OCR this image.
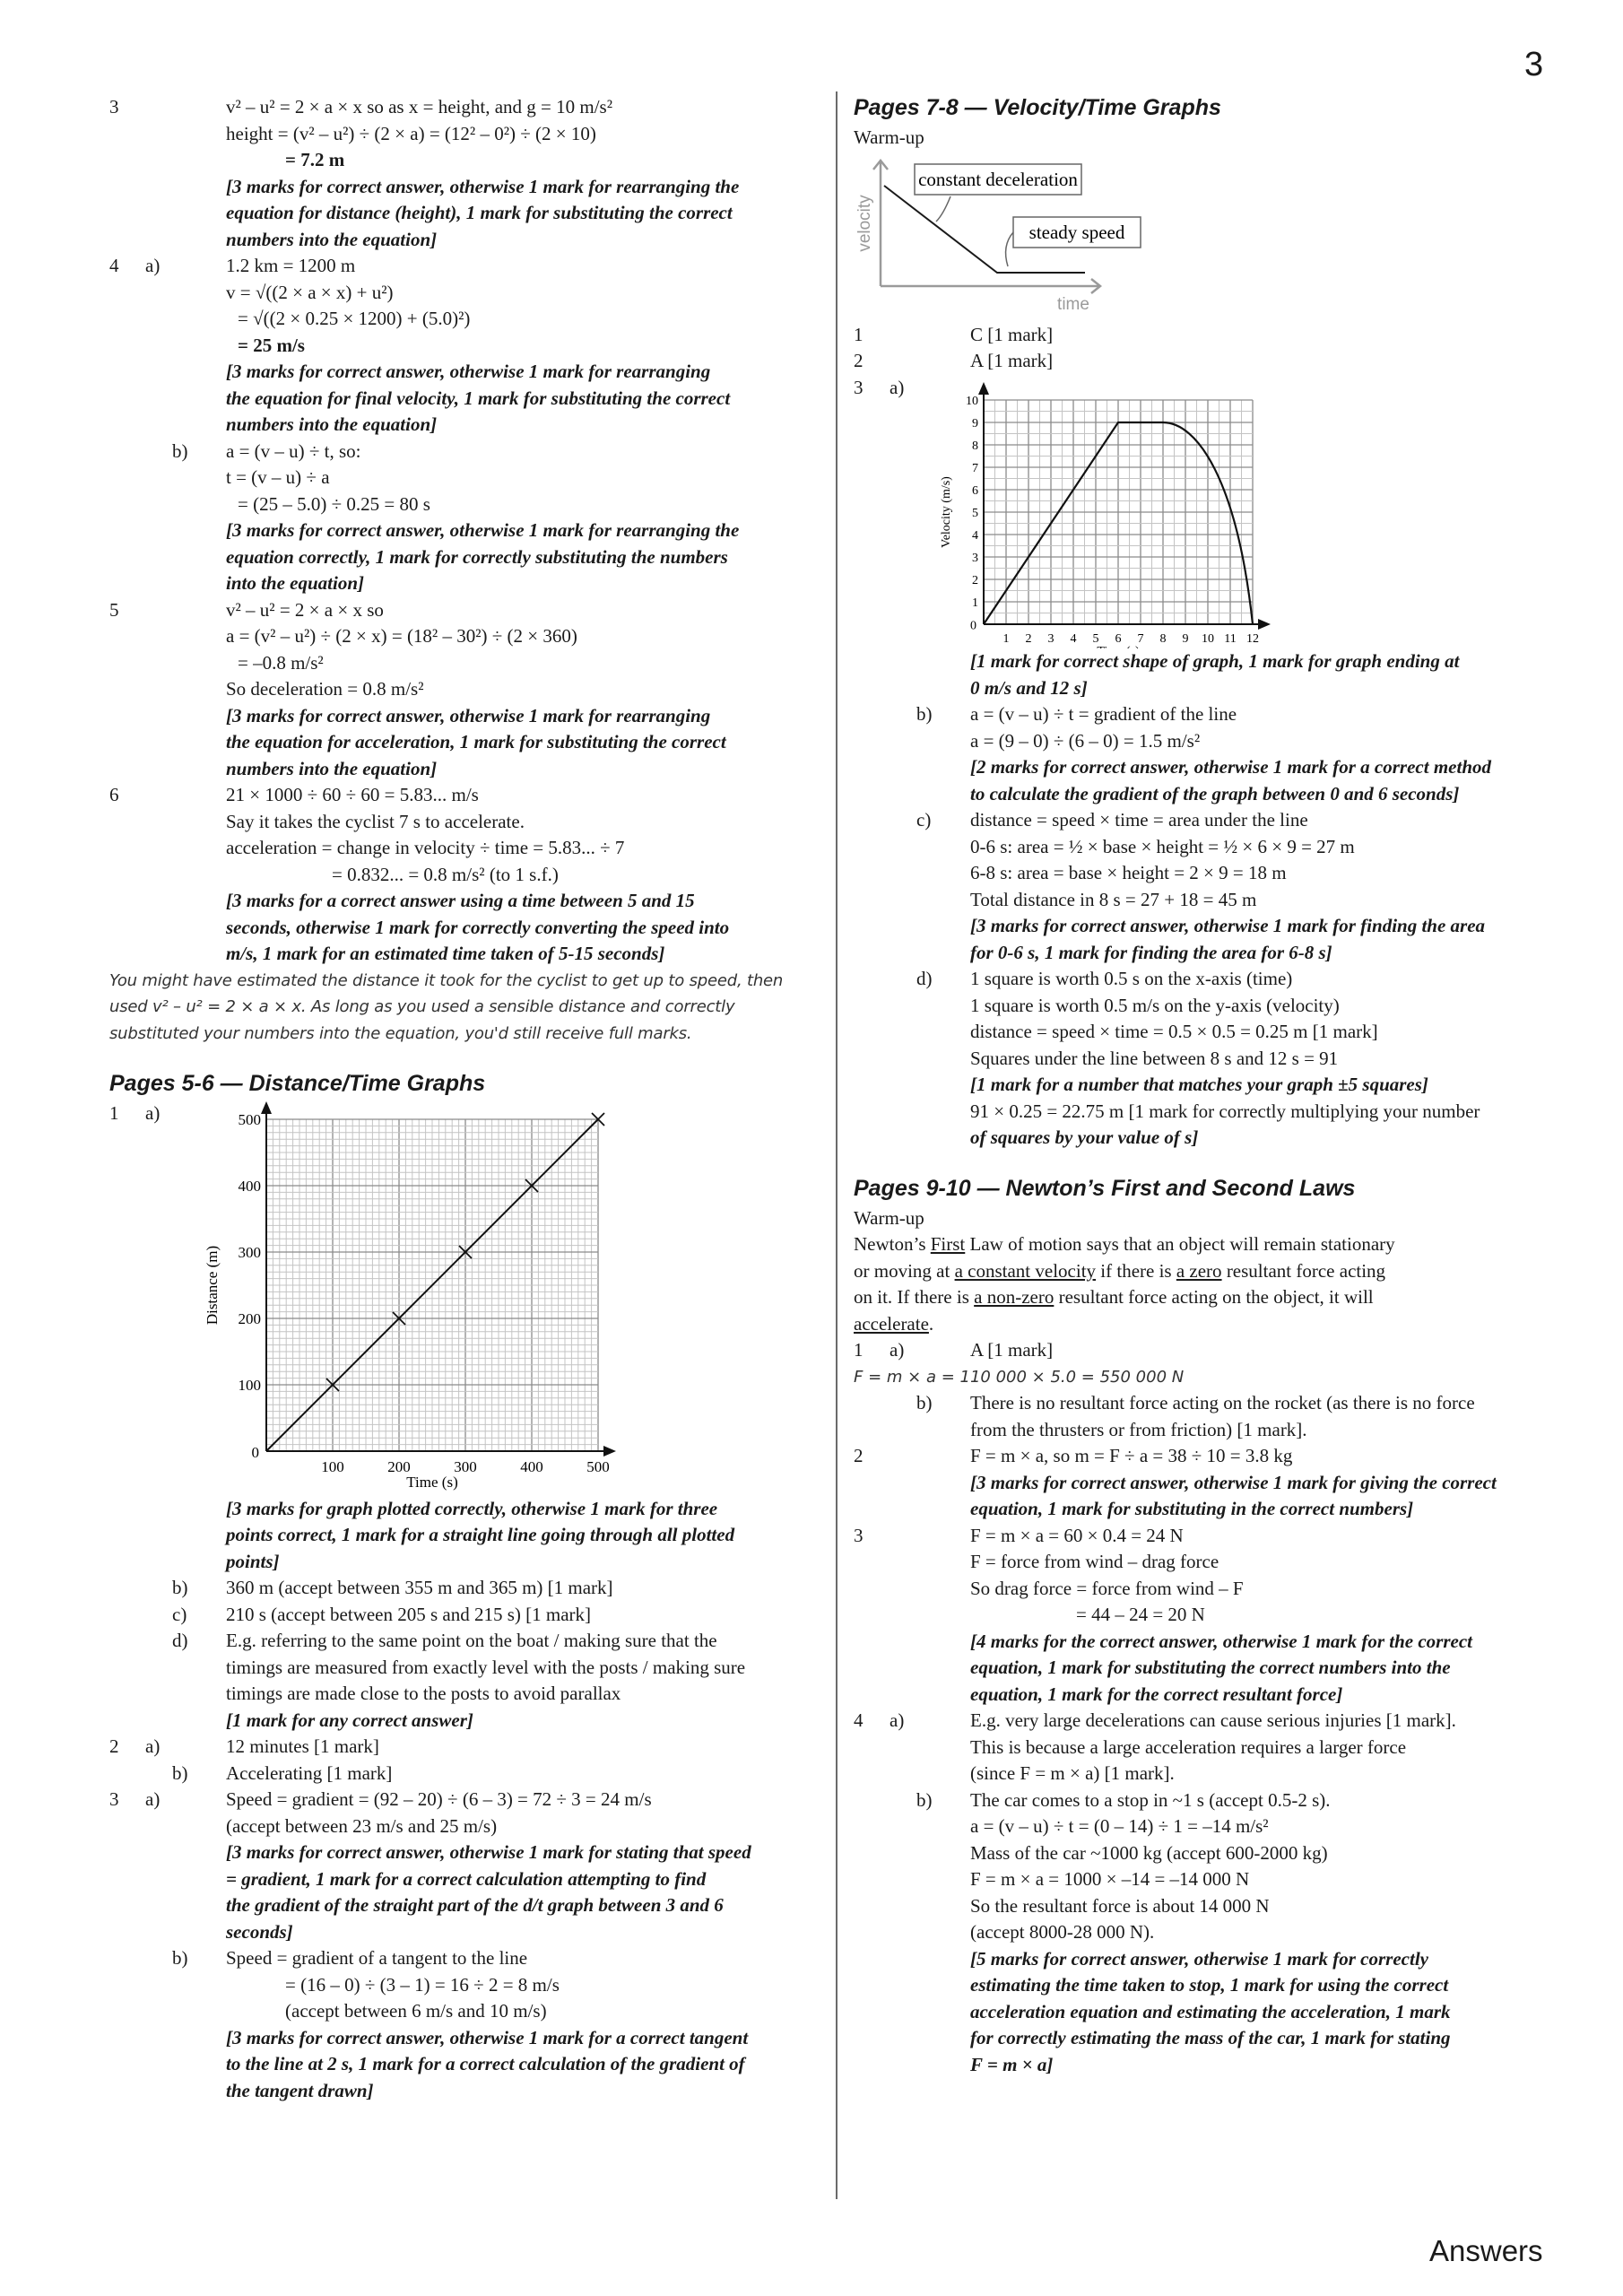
3
3	v² – u² = 2 × a × x so as x = height, and g = 10 m/s²
height = (v² – u²) ÷ (2 × a) = (12² – 0²) ÷ (2 × 10)
= 7.2 m
[3 marks for correct answer, otherwise 1 mark for rearranging the
equation for distance (height), 1 mark for substituting the correct
numbers into the equation]
4	a)	1.2 km = 1200 m
v = √((2 × a × x) + u²)
= √((2 × 0.25 × 1200) + (5.0)²)
= 25 m/s
[3 marks for correct answer, otherwise 1 mark for rearranging
the equation for final velocity, 1 mark for substituting the correct
numbers into the equation]
b)	a = (v – u) ÷ t, so:
t = (v – u) ÷ a
= (25 – 5.0) ÷ 0.25 = 80 s
[3 marks for correct answer, otherwise 1 mark for rearranging the
equation correctly, 1 mark for correctly substituting the numbers
into the equation]
5	v² – u² = 2 × a × x so
a = (v² – u²) ÷ (2 × x) = (18² – 30²) ÷ (2 × 360)
= –0.8 m/s²
So deceleration = 0.8 m/s²
[3 marks for correct answer, otherwise 1 mark for rearranging
the equation for acceleration, 1 mark for substituting the correct
numbers into the equation]
6	21 × 1000 ÷ 60 ÷ 60 = 5.83... m/s
Say it takes the cyclist 7 s to accelerate.
acceleration = change in velocity ÷ time = 5.83... ÷ 7
= 0.832... = 0.8 m/s² (to 1 s.f.)
[3 marks for a correct answer using a time between 5 and 15
seconds, otherwise 1 mark for correctly converting the speed into
m/s, 1 mark for an estimated time taken of 5-15 seconds]
You might have estimated the distance it took for the cyclist to get up to speed, then
used v² – u² = 2 × a × x. As long as you used a sensible distance and correctly
substituted your numbers into the equation, you'd still receive full marks.
Pages 5-6 — Distance/Time Graphs
1	a)
100	200	300	400	500
100
200
300
400
500
0
Time (s)
Distance (m)
[3 marks for graph plotted correctly, otherwise 1 mark for three
points correct, 1 mark for a straight line going through all plotted
points]
b)	360 m (accept between 355 m and 365 m) [1 mark]
c)	210 s (accept between 205 s and 215 s) [1 mark]
d)	E.g. referring to the same point on the boat / making sure that the
timings are measured from exactly level with the posts / making sure
timings are made close to the posts to avoid parallax
[1 mark for any correct answer]
2	a)	12 minutes [1 mark]
b)	Accelerating [1 mark]
3	a)	Speed = gradient = (92 – 20) ÷ (6 – 3) = 72 ÷ 3 = 24 m/s
(accept between 23 m/s and 25 m/s)
[3 marks for correct answer, otherwise 1 mark for stating that speed
= gradient, 1 mark for a correct calculation attempting to find
the gradient of the straight part of the d/t graph between 3 and 6
seconds]
b)	Speed = gradient of a tangent to the line
= (16 – 0) ÷ (3 – 1) = 16 ÷ 2 = 8 m/s
(accept between 6 m/s and 10 m/s)
[3 marks for correct answer, otherwise 1 mark for a correct tangent
to the line at 2 s, 1 mark for a correct calculation of the gradient of
the tangent drawn]
Pages 7-8 — Velocity/Time Graphs
Warm-up
velocity
time
constant deceleration
steady speed
1	C [1 mark]
2	A [1 mark]
3	a)
1 2 3 4 5 6 7 8 9 10 11 12
1
2
3
4
5
6
7
8
9
10
0
Velocity (m/s)
[1 mark for correct shape of graph, 1 mark for graph ending at
0 m/s and 12 s]
b)	a = (v – u) ÷ t = gradient of the line
a = (9 – 0) ÷ (6 – 0) = 1.5 m/s²
[2 marks for correct answer, otherwise 1 mark for a correct method
to calculate the gradient of the graph between 0 and 6 seconds]
c)	distance = speed × time = area under the line
0-6 s: area = ½ × base × height = ½ × 6 × 9 = 27 m
6-8 s: area = base × height = 2 × 9 = 18 m
Total distance in 8 s = 27 + 18 = 45 m
[3 marks for correct answer, otherwise 1 mark for finding the area
for 0-6 s, 1 mark for finding the area for 6-8 s]
d)	1 square is worth 0.5 s on the x-axis (time)
1 square is worth 0.5 m/s on the y-axis (velocity)
distance = speed × time = 0.5 × 0.5 = 0.25 m [1 mark]
Squares under the line between 8 s and 12 s = 91
[1 mark for a number that matches your graph ±5 squares]
91 × 0.25 = 22.75 m [1 mark for correctly multiplying your number
of squares by your value of s]
Pages 9-10 — Newton’s First and Second Laws
Warm-up
Newton’s First Law of motion says that an object will remain stationary
or moving at a constant velocity if there is a zero resultant force acting
on it. If there is a non-zero resultant force acting on the object, it will
accelerate.
1	a)	A [1 mark]
F = m × a = 110 000 × 5.0 = 550 000 N
b)	There is no resultant force acting on the rocket (as there is no force
from the thrusters or from friction) [1 mark].
2	F = m × a, so m = F ÷ a = 38 ÷ 10 = 3.8 kg
[3 marks for correct answer, otherwise 1 mark for giving the correct
equation, 1 mark for substituting in the correct numbers]
3	F = m × a = 60 × 0.4 = 24 N
F = force from wind – drag force
So drag force = force from wind – F
= 44 – 24 = 20 N
[4 marks for the correct answer, otherwise 1 mark for the correct
equation, 1 mark for substituting the correct numbers into the
equation, 1 mark for the correct resultant force]
4	a)	E.g. very large decelerations can cause serious injuries [1 mark].
This is because a large acceleration requires a larger force
(since F = m × a) [1 mark].
b)	The car comes to a stop in ~1 s (accept 0.5-2 s).
a = (v – u) ÷ t = (0 – 14) ÷ 1 = –14 m/s²
Mass of the car ~1000 kg (accept 600-2000 kg)
F = m × a = 1000 × –14 = –14 000 N
So the resultant force is about 14 000 N
(accept 8000-28 000 N).
[5 marks for correct answer, otherwise 1 mark for correctly
estimating the time taken to stop, 1 mark for using the correct
acceleration equation and estimating the acceleration, 1 mark
for correctly estimating the mass of the car, 1 mark for stating
F = m × a]
Answers
